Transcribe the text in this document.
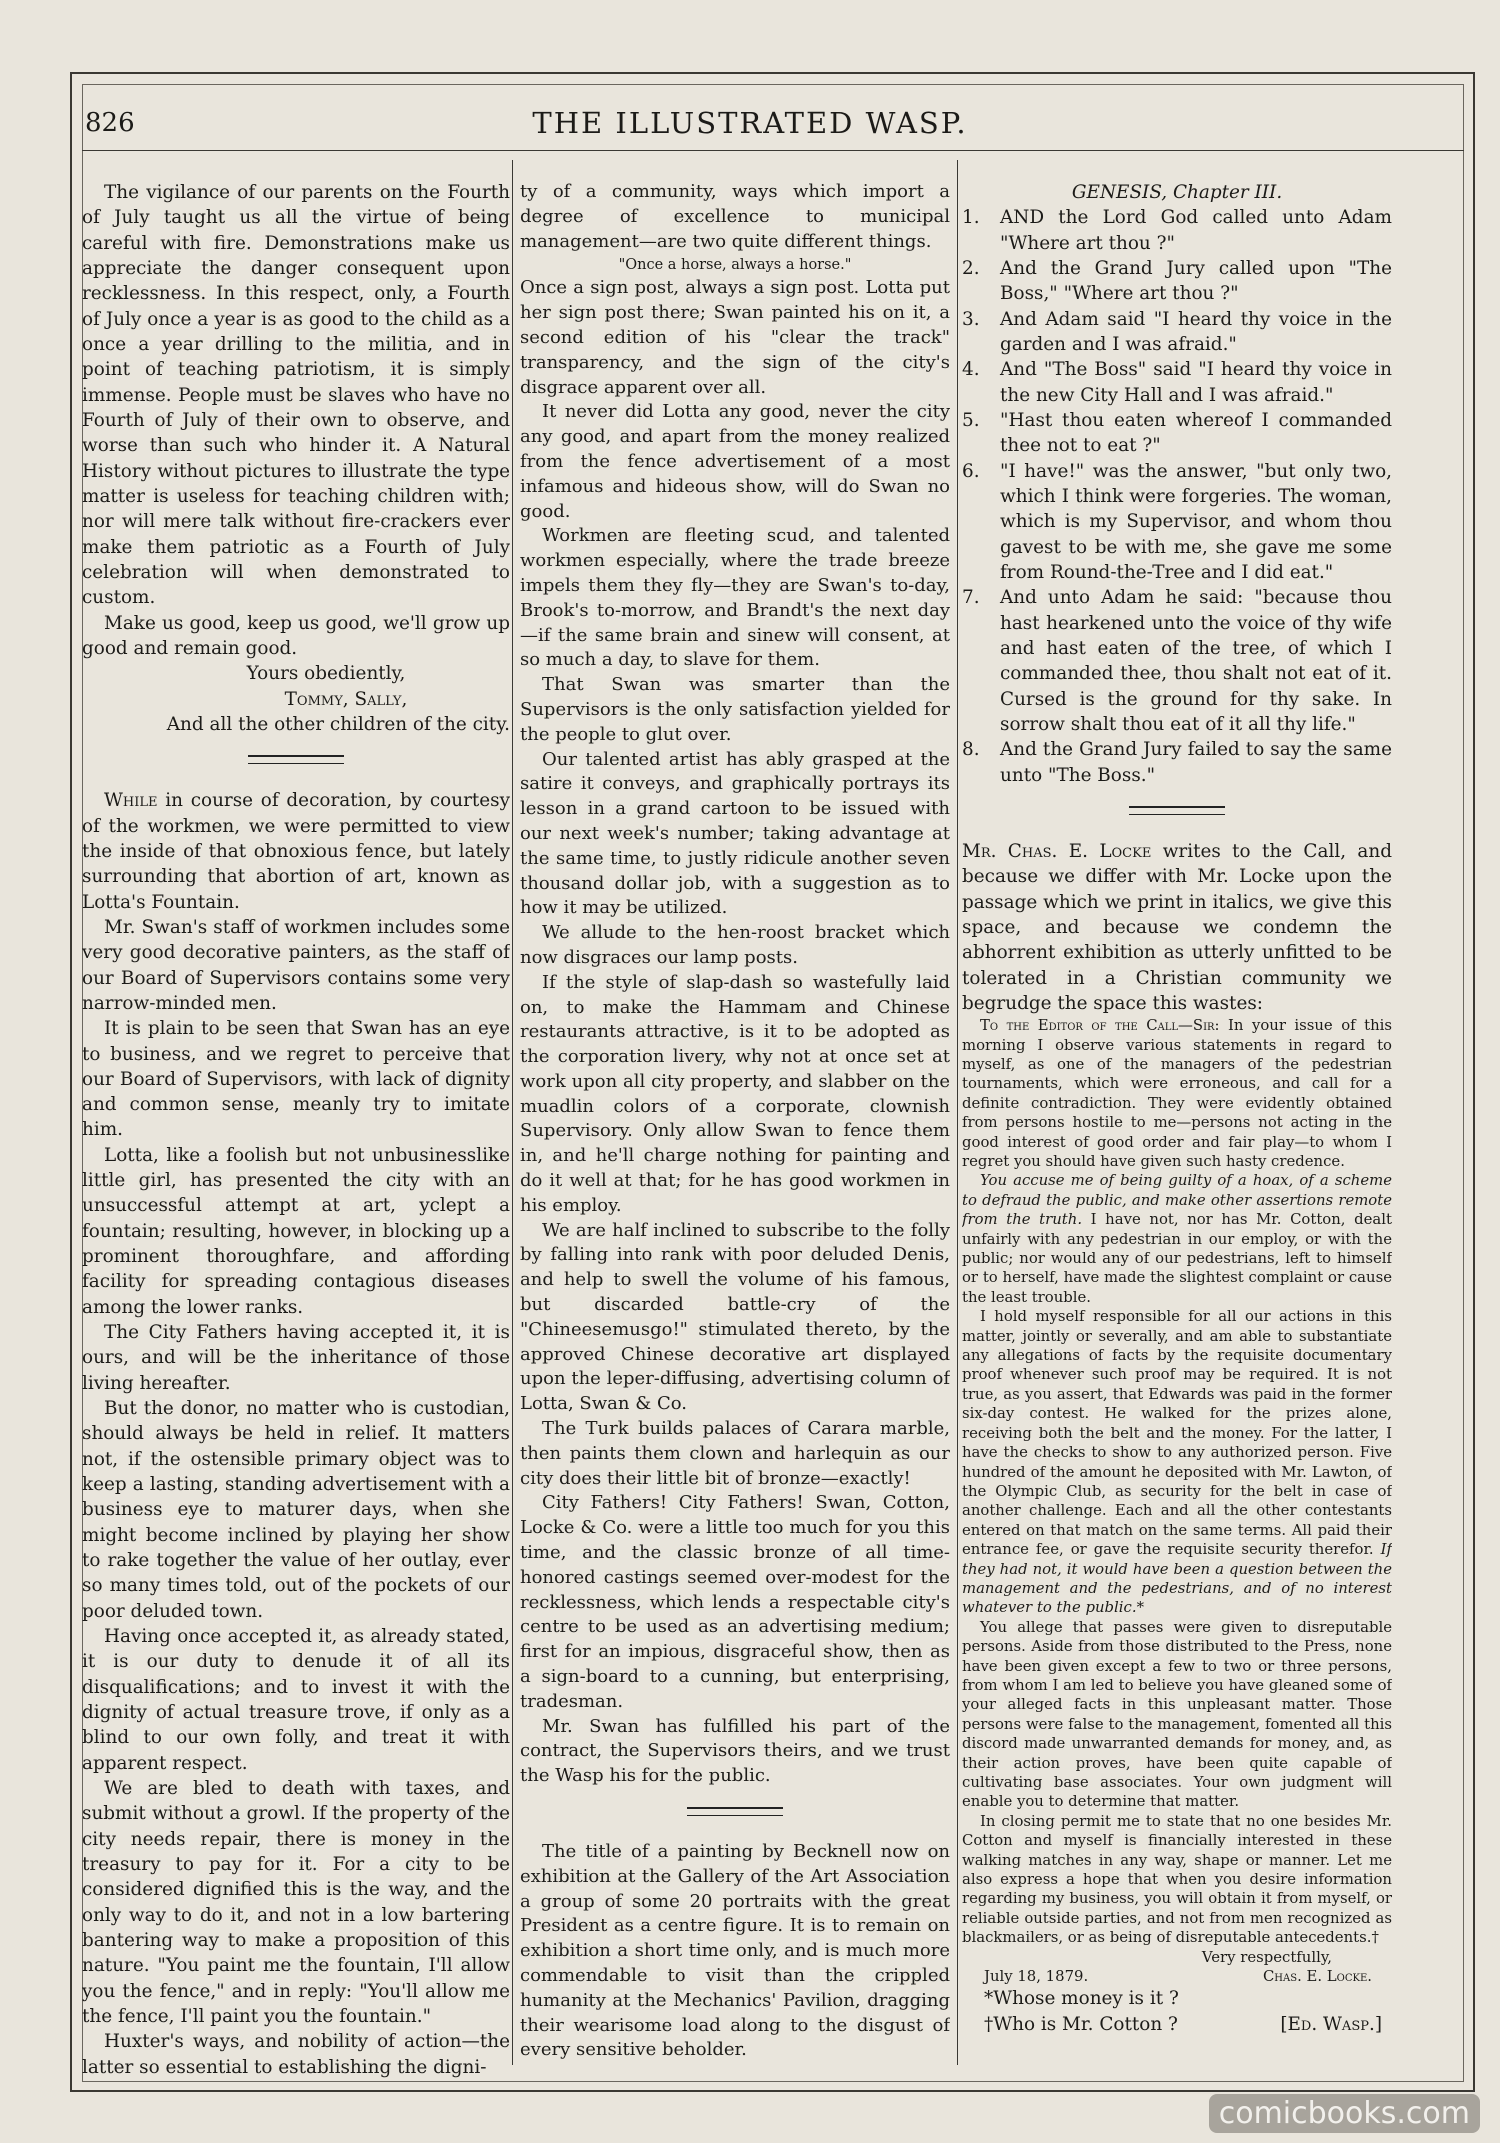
826	THE ILLUSTRATED WASP.

The vigilance of our parents on the Fourth of July taught us all the virtue of being careful with fire. Demonstrations make us appreciate the danger consequent upon recklessness. In this respect, only, a Fourth of July once a year is as good to the child as a once a year drilling to the militia, and in point of teaching patriotism, it is simply immense. People must be slaves who have no Fourth of July of their own to observe, and worse than such who hinder it. A Natural History without pictures to illustrate the type matter is useless for teaching children with; nor will mere talk without fire-crackers ever make them patriotic as a Fourth of July celebration will when demonstrated to custom.

Make us good, keep us good, we'll grow up good and remain good.

Yours obediently,

Tommy, Sally,

And all the other children of the city.

While in course of decoration, by courtesy of the workmen, we were permitted to view the inside of that obnoxious fence, but lately surrounding that abortion of art, known as Lotta's Fountain.

Mr. Swan's staff of workmen includes some very good decorative painters, as the staff of our Board of Supervisors contains some very narrow-minded men.

It is plain to be seen that Swan has an eye to business, and we regret to perceive that our Board of Supervisors, with lack of dignity and common sense, meanly try to imitate him.

Lotta, like a foolish but not unbusinesslike little girl, has presented the city with an unsuccessful attempt at art, yclept a fountain; resulting, however, in blocking up a prominent thoroughfare, and affording facility for spreading contagious diseases among the lower ranks.

The City Fathers having accepted it, it is ours, and will be the inheritance of those living hereafter.

But the donor, no matter who is custodian, should always be held in relief. It matters not, if the ostensible primary object was to keep a lasting, standing advertisement with a business eye to maturer days, when she might become inclined by playing her show to rake together the value of her outlay, ever so many times told, out of the pockets of our poor deluded town.

Having once accepted it, as already stated, it is our duty to denude it of all its disqualifications; and to invest it with the dignity of actual treasure trove, if only as a blind to our own folly, and treat it with apparent respect.

We are bled to death with taxes, and submit without a growl. If the property of the city needs repair, there is money in the treasury to pay for it. For a city to be considered dignified this is the way, and the only way to do it, and not in a low bartering bantering way to make a proposition of this nature. "You paint me the fountain, I'll allow you the fence," and in reply: "You'll allow me the fence, I'll paint you the fountain."

Huxter's ways, and nobility of action—the latter so essential to establishing the digni-

ty of a community, ways which import a degree of excellence to municipal management—are two quite different things.

"Once a horse, always a horse."

Once a sign post, always a sign post. Lotta put her sign post there; Swan painted his on it, a second edition of his "clear the track" transparency, and the sign of the city's disgrace apparent over all.

It never did Lotta any good, never the city any good, and apart from the money realized from the fence advertisement of a most infamous and hideous show, will do Swan no good.

Workmen are fleeting scud, and talented workmen especially, where the trade breeze impels them they fly—they are Swan's to-day, Brook's to-morrow, and Brandt's the next day—if the same brain and sinew will consent, at so much a day, to slave for them.

That Swan was smarter than the Supervisors is the only satisfaction yielded for the people to glut over.

Our talented artist has ably grasped at the satire it conveys, and graphically portrays its lesson in a grand cartoon to be issued with our next week's number; taking advantage at the same time, to justly ridicule another seven thousand dollar job, with a suggestion as to how it may be utilized.

We allude to the hen-roost bracket which now disgraces our lamp posts.

If the style of slap-dash so wastefully laid on, to make the Hammam and Chinese restaurants attractive, is it to be adopted as the corporation livery, why not at once set at work upon all city property, and slabber on the muadlin colors of a corporate, clownish Supervisory. Only allow Swan to fence them in, and he'll charge nothing for painting and do it well at that; for he has good workmen in his employ.

We are half inclined to subscribe to the folly by falling into rank with poor deluded Denis, and help to swell the volume of his famous, but discarded battle-cry of the "Chineesemusgo!" stimulated thereto, by the approved Chinese decorative art displayed upon the leper-diffusing, advertising column of Lotta, Swan & Co.

The Turk builds palaces of Carara marble, then paints them clown and harlequin as our city does their little bit of bronze—exactly!

City Fathers! City Fathers! Swan, Cotton, Locke & Co. were a little too much for you this time, and the classic bronze of all time-honored castings seemed over-modest for the recklessness, which lends a respectable city's centre to be used as an advertising medium; first for an impious, disgraceful show, then as a sign-board to a cunning, but enterprising, tradesman.

Mr. Swan has fulfilled his part of the contract, the Supervisors theirs, and we trust the Wasp his for the public.

The title of a painting by Becknell now on exhibition at the Gallery of the Art Association a group of some 20 portraits with the great President as a centre figure. It is to remain on exhibition a short time only, and is much more commendable to visit than the crippled humanity at the Mechanics' Pavilion, dragging their wearisome load along to the disgust of every sensitive beholder.

GENESIS, Chapter III.
1.	AND the Lord God called unto Adam "Where art thou ?"
2.	And the Grand Jury called upon "The Boss," "Where art thou ?"
3.	And Adam said "I heard thy voice in the garden and I was afraid."
4.	And "The Boss" said "I heard thy voice in the new City Hall and I was afraid."
5.	"Hast thou eaten whereof I commanded thee not to eat ?"
6.	"I have!" was the answer, "but only two, which I think were forgeries. The woman, which is my Supervisor, and whom thou gavest to be with me, she gave me some from Round-the-Tree and I did eat."
7.	And unto Adam he said: "because thou hast hearkened unto the voice of thy wife and hast eaten of the tree, of which I commanded thee, thou shalt not eat of it. Cursed is the ground for thy sake. In sorrow shalt thou eat of it all thy life."
8.	And the Grand Jury failed to say the same unto "The Boss."

Mr. Chas. E. Locke writes to the Call, and because we differ with Mr. Locke upon the passage which we print in italics, we give this space, and because we condemn the abhorrent exhibition as utterly unfitted to be tolerated in a Christian community we begrudge the space this wastes:

To the Editor of the Call—Sir: In your issue of this morning I observe various statements in regard to myself, as one of the managers of the pedestrian tournaments, which were erroneous, and call for a definite contradiction. They were evidently obtained from persons hostile to me—persons not acting in the good interest of good order and fair play—to whom I regret you should have given such hasty credence.

You accuse me of being guilty of a hoax, of a scheme to defraud the public, and make other assertions remote from the truth. I have not, nor has Mr. Cotton, dealt unfairly with any pedestrian in our employ, or with the public; nor would any of our pedestrians, left to himself or to herself, have made the slightest complaint or cause the least trouble.

I hold myself responsible for all our actions in this matter, jointly or severally, and am able to substantiate any allegations of facts by the requisite documentary proof whenever such proof may be required. It is not true, as you assert, that Edwards was paid in the former six-day contest. He walked for the prizes alone, receiving both the belt and the money. For the latter, I have the checks to show to any authorized person. Five hundred of the amount he deposited with Mr. Lawton, of the Olympic Club, as security for the belt in case of another challenge. Each and all the other contestants entered on that match on the same terms. All paid their entrance fee, or gave the requisite security therefor. If they had not, it would have been a question between the management and the pedestrians, and of no interest whatever to the public.*

You allege that passes were given to disreputable persons. Aside from those distributed to the Press, none have been given except a few to two or three persons, from whom I am led to believe you have gleaned some of your alleged facts in this unpleasant matter. Those persons were false to the management, fomented all this discord made unwarranted demands for money, and, as their action proves, have been quite capable of cultivating base associates. Your own judgment will enable you to determine that matter.

In closing permit me to state that no one besides Mr. Cotton and myself is financially interested in these walking matches in any way, shape or manner. Let me also express a hope that when you desire information regarding my business, you will obtain it from myself, or reliable outside parties, and not from men recognized as blackmailers, or as being of disreputable antecedents.†

Very respectfully,

July 18, 1879.	Chas. E. Locke.
*Whose money is it ?
†Who is Mr. Cotton ?	[Ed. Wasp.]
comicbooks.com
